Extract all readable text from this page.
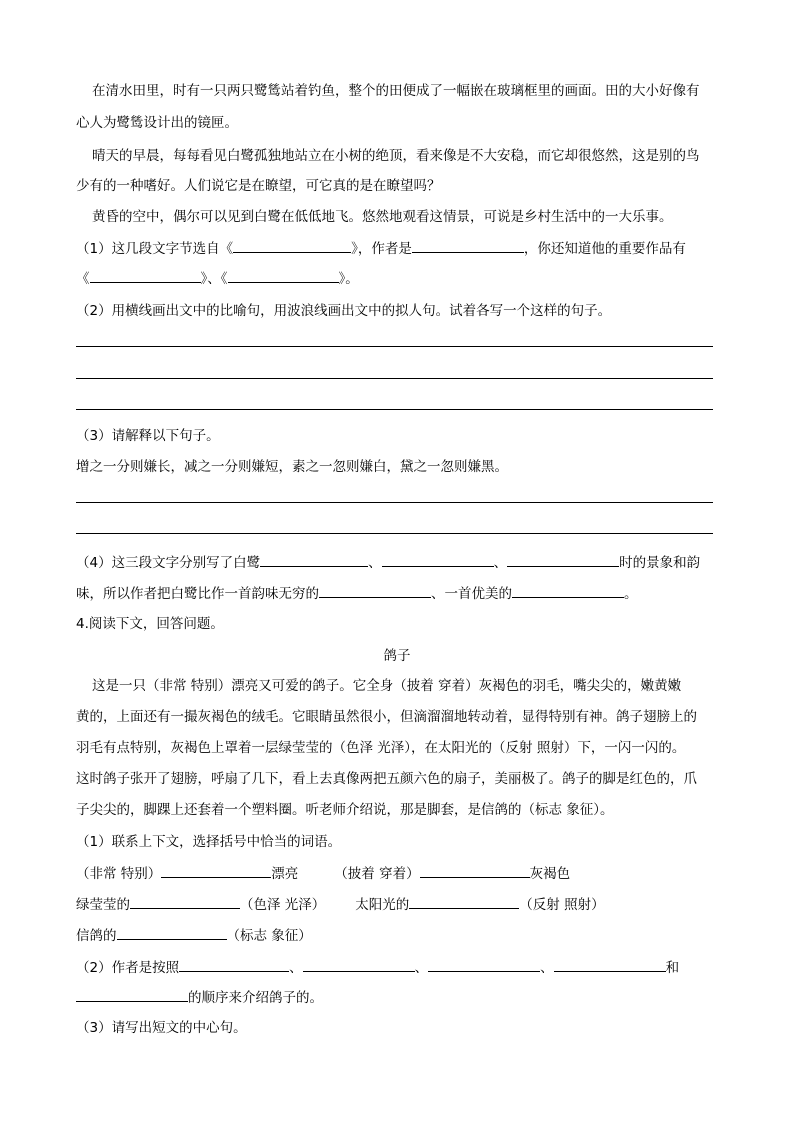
在清水田里，时有一只两只鹭鸶站着钓鱼，整个的田便成了一幅嵌在玻璃框里的画面。田的大小好像有
心人为鹭鸶设计出的镜匣。
晴天的早晨，每每看见白鹭孤独地站立在小树的绝顶，看来像是不大安稳，而它却很悠然，这是别的鸟
少有的一种嗜好。人们说它是在瞭望，可它真的是在瞭望吗？
黄昏的空中，偶尔可以见到白鹭在低低地飞。悠然地观看这情景，可说是乡村生活中的一大乐事。
（1）这几段文字节选自《	》，作者是	，你还知道他的重要作品有
《	》、《	》。
（2）用横线画出文中的比喻句，用波浪线画出文中的拟人句。试着各写一个这样的句子。
（3）请解释以下句子。
增之一分则嫌长，减之一分则嫌短，素之一忽则嫌白，黛之一忽则嫌黑。
（4）这三段文字分别写了白鹭	、	、	时的景象和韵
味，所以作者把白鹭比作一首韵味无穷的	、一首优美的	。
4.阅读下文，回答问题。
鸽子
这是一只（非常 特别）漂亮又可爱的鸽子。它全身（披着 穿着）灰褐色的羽毛，嘴尖尖的，嫩黄嫩
黄的，上面还有一撮灰褐色的绒毛。它眼睛虽然很小，但滴溜溜地转动着，显得特别有神。鸽子翅膀上的
羽毛有点特别，灰褐色上罩着一层绿莹莹的（色泽 光泽），在太阳光的（反射 照射）下，一闪一闪的。
这时鸽子张开了翅膀，呼扇了几下，看上去真像两把五颜六色的扇子，美丽极了。鸽子的脚是红色的，爪
子尖尖的，脚踝上还套着一个塑料圈。听老师介绍说，那是脚套，是信鸽的（标志 象征）。
（1）联系上下文，选择括号中恰当的词语。
（非常 特别）	漂亮	（披着 穿着）	灰褐色
绿莹莹的	（色泽 光泽） 太阳光的	（反射 照射）
信鸽的	（标志 象征）
（2）作者是按照	、	、	、	和
的顺序来介绍鸽子的。
（3）请写出短文的中心句。
